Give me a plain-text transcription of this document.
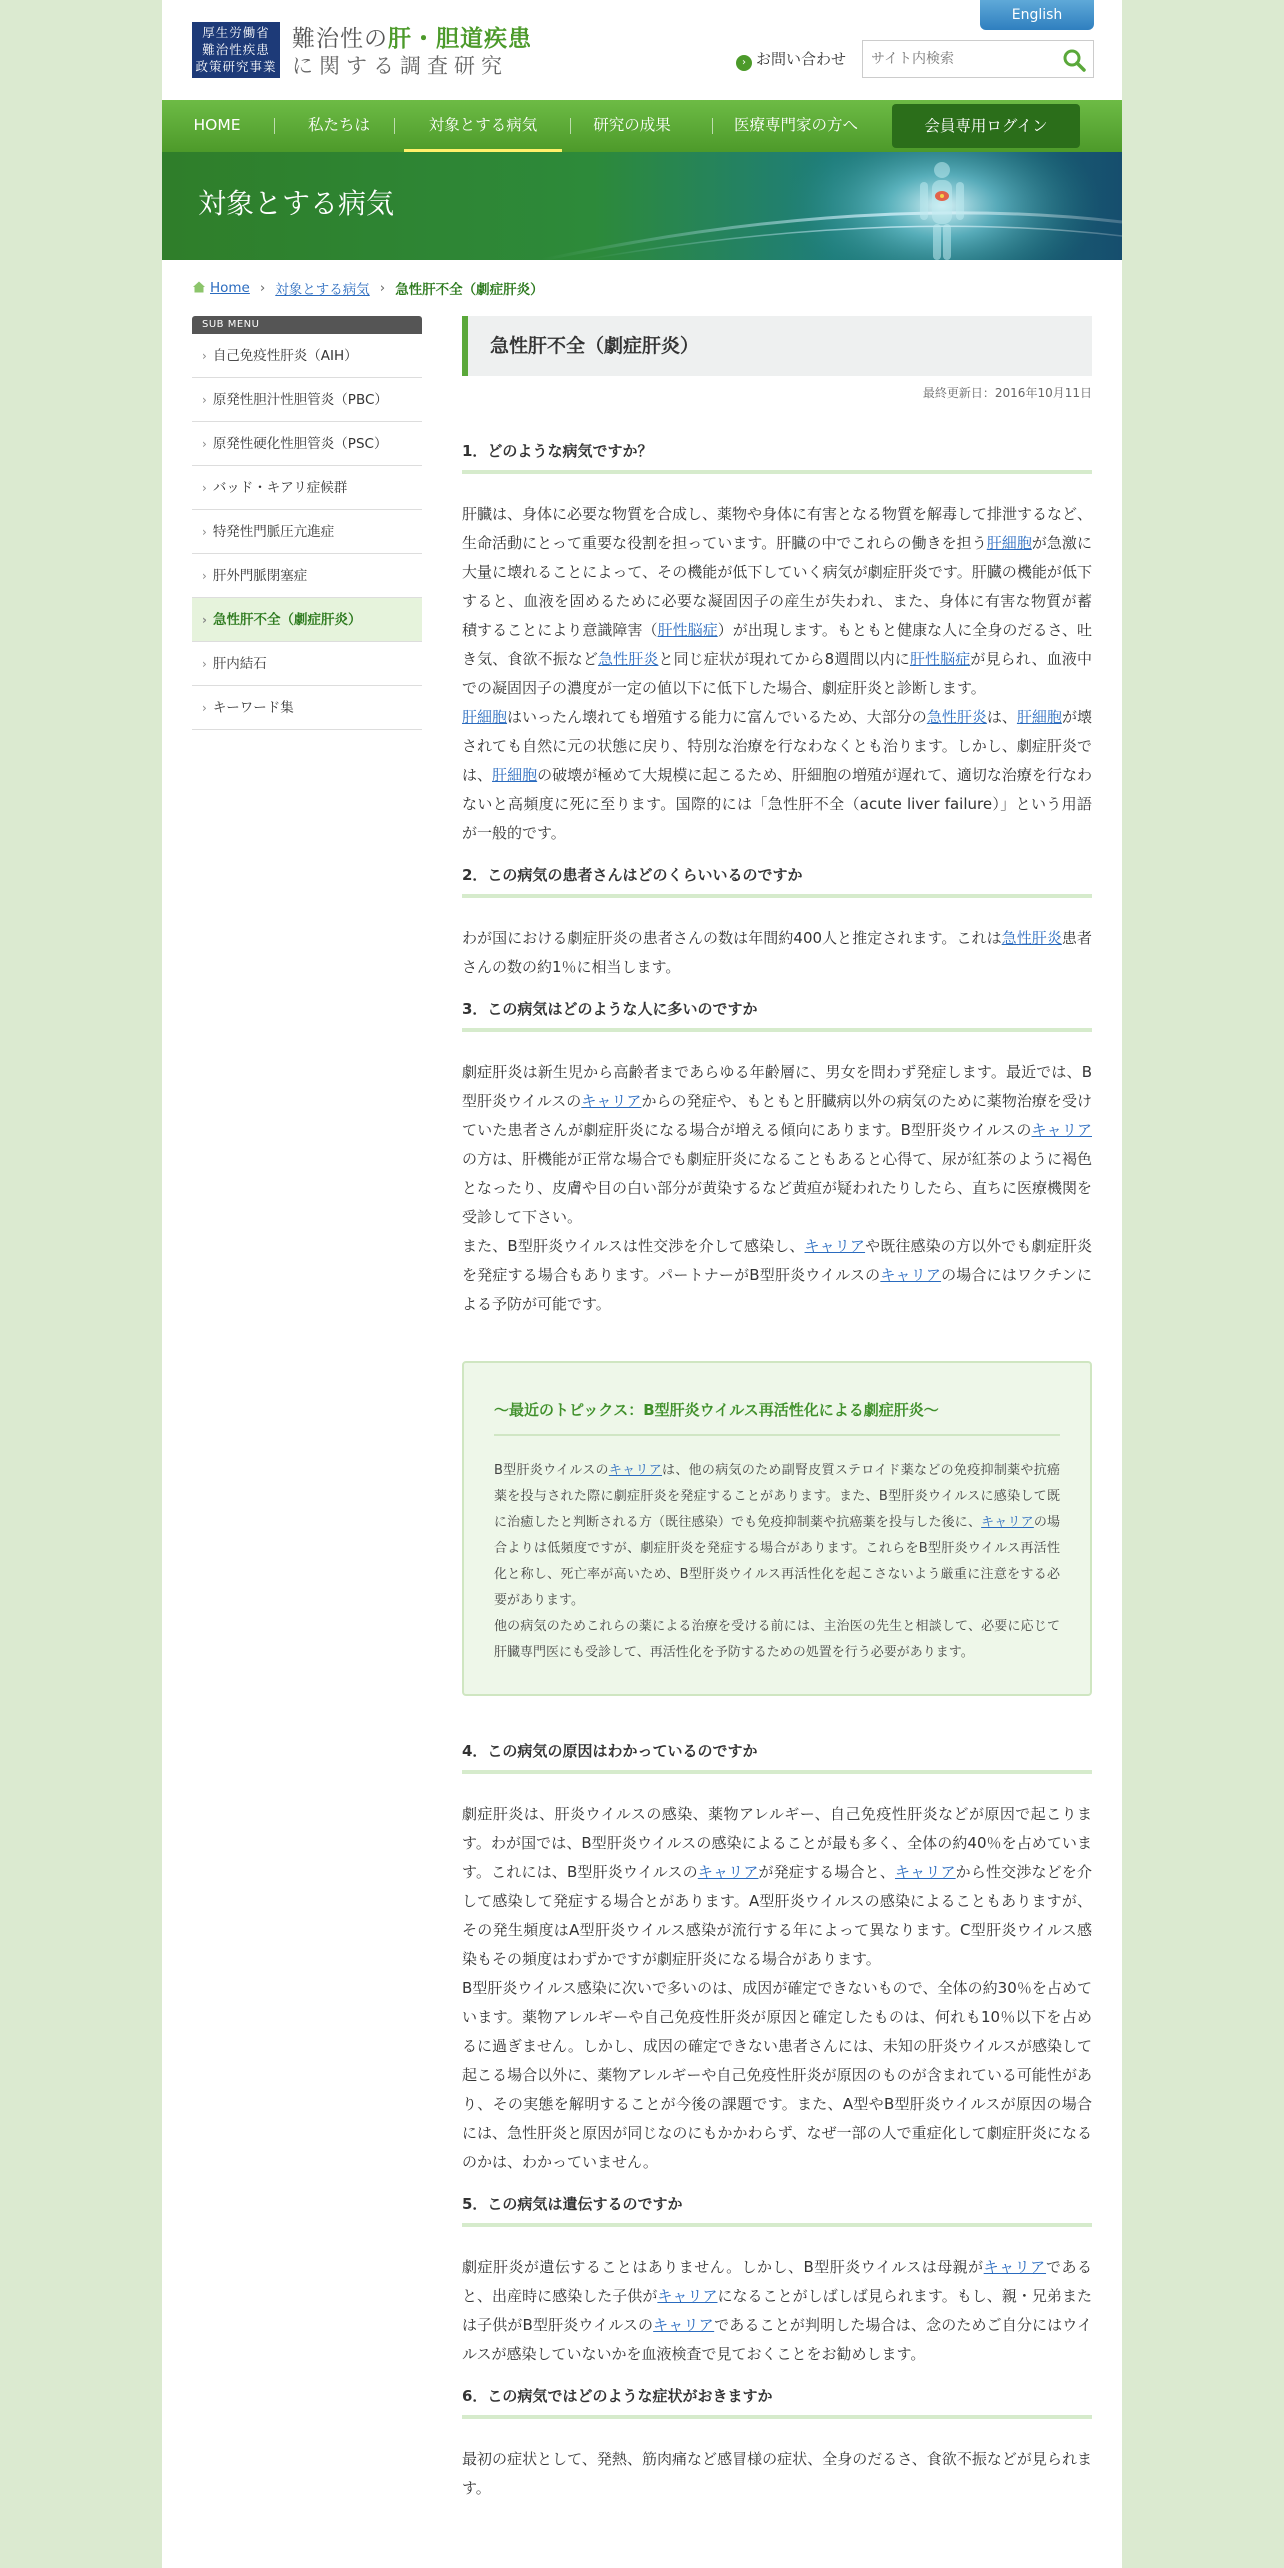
厚生労働省
難治性疾患
政策研究事業
難治性の肝・胆道疾患
に関する調査研究
English
› お問い合わせ
サイト内検索
HOME	私たちは	対象とする病気	研究の成果	医療専門家の方へ	会員専用ログイン
対象とする病気
Home › 対象とする病気 › 急性肝不全（劇症肝炎）
SUB MENU
› 自己免疫性肝炎（AIH）
› 原発性胆汁性胆管炎（PBC）
› 原発性硬化性胆管炎（PSC）
› バッド・キアリ症候群
› 特発性門脈圧亢進症
› 肝外門脈閉塞症
› 急性肝不全（劇症肝炎）
› 肝内結石
› キーワード集
急性肝不全（劇症肝炎）
最終更新日：2016年10月11日
1．どのような病気ですか？

肝臓は、身体に必要な物質を合成し、薬物や身体に有害となる物質を解毒して排泄するなど、生命活動にとって重要な役割を担っています。肝臓の中でこれらの働きを担う肝細胞が急激に大量に壊れることによって、その機能が低下していく病気が劇症肝炎です。肝臓の機能が低下すると、血液を固めるために必要な凝固因子の産生が失われ、また、身体に有害な物質が蓄積することにより意識障害（肝性脳症）が出現します。もともと健康な人に全身のだるさ、吐き気、食欲不振など急性肝炎と同じ症状が現れてから8週間以内に肝性脳症が見られ、血液中での凝固因子の濃度が一定の値以下に低下した場合、劇症肝炎と診断します。

肝細胞はいったん壊れても増殖する能力に富んでいるため、大部分の急性肝炎は、肝細胞が壊されても自然に元の状態に戻り、特別な治療を行なわなくとも治ります。しかし、劇症肝炎では、肝細胞の破壊が極めて大規模に起こるため、肝細胞の増殖が遅れて、適切な治療を行なわないと高頻度に死に至ります。国際的には「急性肝不全（acute liver failure）」という用語が一般的です。

2．この病気の患者さんはどのくらいいるのですか

わが国における劇症肝炎の患者さんの数は年間約400人と推定されます。これは急性肝炎患者さんの数の約1％に相当します。

3．この病気はどのような人に多いのですか

劇症肝炎は新生児から高齢者まであらゆる年齢層に、男女を問わず発症します。最近では、B型肝炎ウイルスのキャリアからの発症や、もともと肝臓病以外の病気のために薬物治療を受けていた患者さんが劇症肝炎になる場合が増える傾向にあります。B型肝炎ウイルスのキャリアの方は、肝機能が正常な場合でも劇症肝炎になることもあると心得て、尿が紅茶のように褐色となったり、皮膚や目の白い部分が黄染するなど黄疸が疑われたりしたら、直ちに医療機関を受診して下さい。

また、B型肝炎ウイルスは性交渉を介して感染し、キャリアや既往感染の方以外でも劇症肝炎を発症する場合もあります。パートナーがB型肝炎ウイルスのキャリアの場合にはワクチンによる予防が可能です。

～最近のトピックス：B型肝炎ウイルス再活性化による劇症肝炎～

B型肝炎ウイルスのキャリアは、他の病気のため副腎皮質ステロイド薬などの免疫抑制薬や抗癌薬を投与された際に劇症肝炎を発症することがあります。また、B型肝炎ウイルスに感染して既に治癒したと判断される方（既往感染）でも免疫抑制薬や抗癌薬を投与した後に、キャリアの場合よりは低頻度ですが、劇症肝炎を発症する場合があります。これらをB型肝炎ウイルス再活性化と称し、死亡率が高いため、B型肝炎ウイルス再活性化を起こさないよう厳重に注意をする必要があります。

他の病気のためこれらの薬による治療を受ける前には、主治医の先生と相談して、必要に応じて肝臓専門医にも受診して、再活性化を予防するための処置を行う必要があります。

4．この病気の原因はわかっているのですか

劇症肝炎は、肝炎ウイルスの感染、薬物アレルギー、自己免疫性肝炎などが原因で起こります。わが国では、B型肝炎ウイルスの感染によることが最も多く、全体の約40％を占めています。これには、B型肝炎ウイルスのキャリアが発症する場合と、キャリアから性交渉などを介して感染して発症する場合とがあります。A型肝炎ウイルスの感染によることもありますが、その発生頻度はA型肝炎ウイルス感染が流行する年によって異なります。C型肝炎ウイルス感染もその頻度はわずかですが劇症肝炎になる場合があります。

B型肝炎ウイルス感染に次いで多いのは、成因が確定できないもので、全体の約30％を占めています。薬物アレルギーや自己免疫性肝炎が原因と確定したものは、何れも10％以下を占めるに過ぎません。しかし、成因の確定できない患者さんには、未知の肝炎ウイルスが感染して起こる場合以外に、薬物アレルギーや自己免疫性肝炎が原因のものが含まれている可能性があり、その実態を解明することが今後の課題です。また、A型やB型肝炎ウイルスが原因の場合には、急性肝炎と原因が同じなのにもかかわらず、なぜ一部の人で重症化して劇症肝炎になるのかは、わかっていません。

5．この病気は遺伝するのですか

劇症肝炎が遺伝することはありません。しかし、B型肝炎ウイルスは母親がキャリアであると、出産時に感染した子供がキャリアになることがしばしば見られます。もし、親・兄弟または子供がB型肝炎ウイルスのキャリアであることが判明した場合は、念のためご自分にはウイルスが感染していないかを血液検査で見ておくことをお勧めします。

6．この病気ではどのような症状がおきますか

最初の症状として、発熱、筋肉痛など感冒様の症状、全身のだるさ、食欲不振などが見られます。
